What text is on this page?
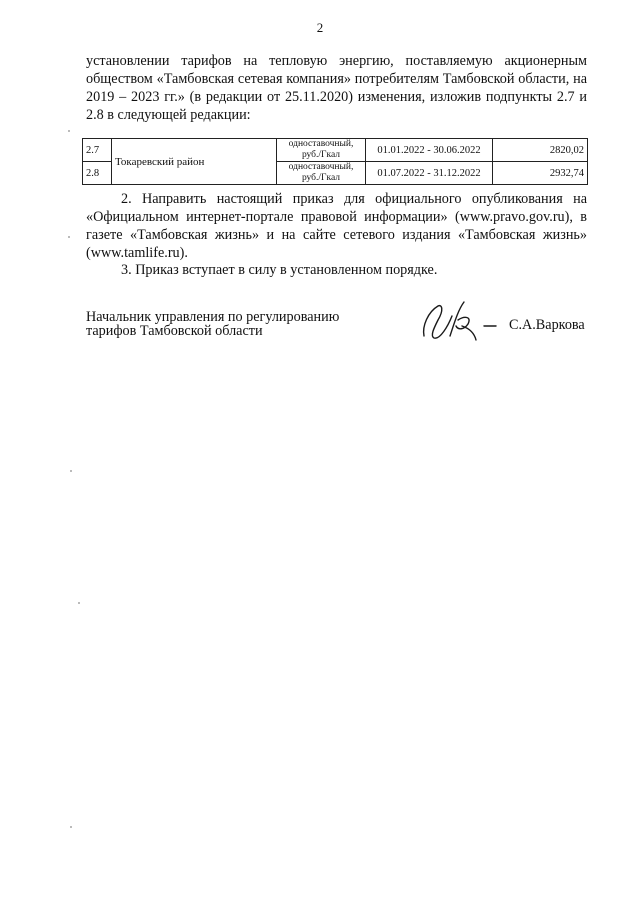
2

установлении тарифов на тепловую энергию, поставляемую акционерным обществом «Тамбовская сетевая компания» потребителям Тамбовской области, на 2019 – 2023 гг.» (в редакции от 25.11.2020) изменения, изложив подпункты 2.7 и 2.8 в следующей редакции:

2.7	Токаревский район	одноставочный, руб./Гкал	01.01.2022 - 30.06.2022	2820,02
2.8		одноставочный, руб./Гкал	01.07.2022 - 31.12.2022	2932,74

2. Направить настоящий приказ для официального опубликования на «Официальном интернет-портале правовой информации» (www.pravo.gov.ru), в газете «Тамбовская жизнь» и на сайте сетевого издания «Тамбовская жизнь» (www.tamlife.ru).

3. Приказ вступает в силу в установленном порядке.

Начальник управления по регулированию
тарифов Тамбовской области	С.А.Варкова
